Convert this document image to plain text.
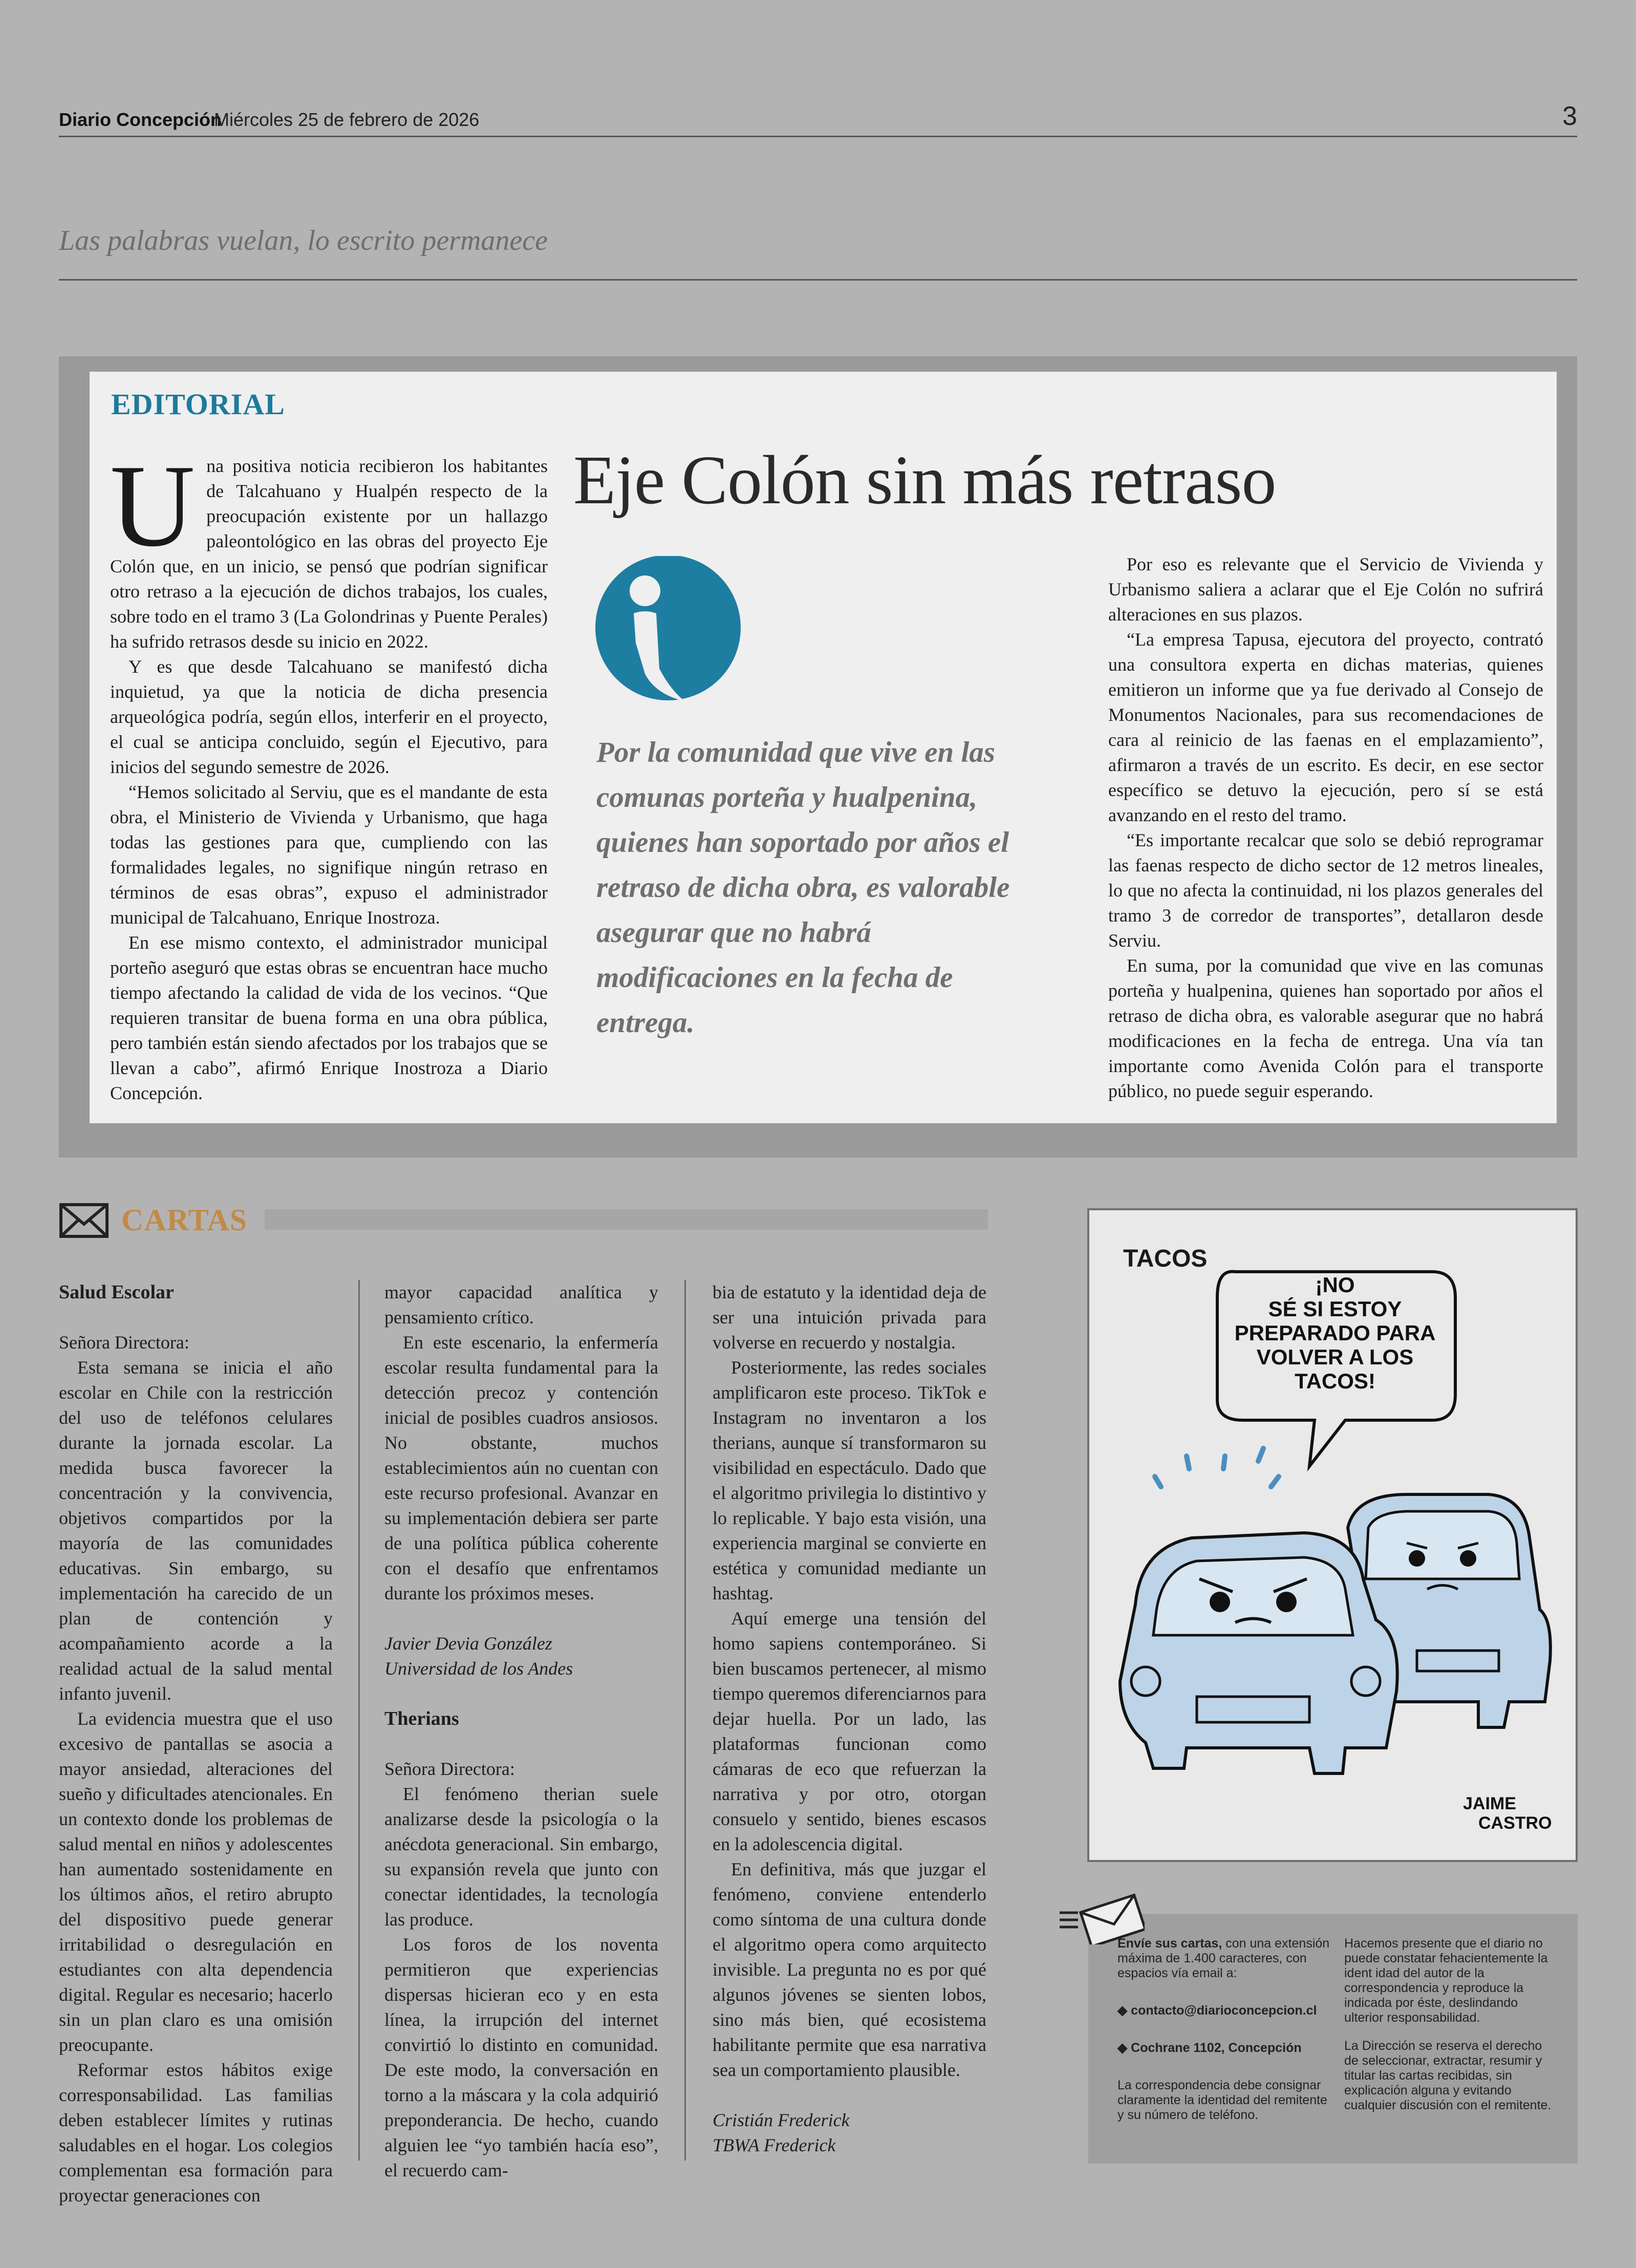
Diario Concepción
Miércoles 25 de febrero de 2026	3
Las palabras vuelan, lo escrito permanece
EDITORIAL
Eje Colón sin más retraso

Una positiva noticia recibieron los habitantes de Talcahuano y Hualpén respecto de la preocupación existente por un hallazgo paleontológico en las obras del proyecto Eje Colón que, en un inicio, se pensó que podrían significar otro retraso a la ejecución de dichos trabajos, los cuales, sobre todo en el tramo 3 (La Golondrinas y Puente Perales) ha sufrido retrasos desde su inicio en 2022.

Y es que desde Talcahuano se manifestó dicha inquietud, ya que la noticia de dicha presencia arqueológica podría, según ellos, interferir en el proyecto, el cual se anticipa concluido, según el Ejecutivo, para inicios del segundo semestre de 2026.

“Hemos solicitado al Serviu, que es el mandante de esta obra, el Ministerio de Vivienda y Urbanismo, que haga todas las gestiones para que, cumpliendo con las formalidades legales, no signifique ningún retraso en términos de esas obras”, expuso el administrador municipal de Talcahuano, Enrique Inostroza.

En ese mismo contexto, el administrador municipal porteño aseguró que estas obras se encuentran hace mucho tiempo afectando la calidad de vida de los vecinos. “Que requieren transitar de buena forma en una obra pública, pero también están siendo afectados por los trabajos que se llevan a cabo”, afirmó Enrique Inostroza a Diario Concepción.

Por la comunidad que vive en las comunas porteña y hualpenina, quienes han soportado por años el retraso de dicha obra, es valorable asegurar que no habrá modificaciones en la fecha de entrega.

Por eso es relevante que el Servicio de Vivienda y Urbanismo saliera a aclarar que el Eje Colón no sufrirá alteraciones en sus plazos.

“La empresa Tapusa, ejecutora del proyecto, contrató una consultora experta en dichas materias, quienes emitieron un informe que ya fue derivado al Consejo de Monumentos Nacionales, para sus recomendaciones de cara al reinicio de las faenas en el emplazamiento”, afirmaron a través de un escrito. Es decir, en ese sector específico se detuvo la ejecución, pero sí se está avanzando en el resto del tramo.

“Es importante recalcar que solo se debió reprogramar las faenas respecto de dicho sector de 12 metros lineales, lo que no afecta la continuidad, ni los plazos generales del tramo 3 de corredor de transportes”, detallaron desde Serviu.

En suma, por la comunidad que vive en las comunas porteña y hualpenina, quienes han soportado por años el retraso de dicha obra, es valorable asegurar que no habrá modificaciones en la fecha de entrega. Una vía tan importante como Avenida Colón para el transporte público, no puede seguir esperando.

CARTAS

Salud Escolar

Señora Directora:

Esta semana se inicia el año escolar en Chile con la restricción del uso de teléfonos celulares durante la jornada escolar. La medida busca favorecer la concentración y la convivencia, objetivos compartidos por la mayoría de las comunidades educativas. Sin embargo, su implementación ha carecido de un plan de contención y acompañamiento acorde a la realidad actual de la salud mental infanto juvenil.

La evidencia muestra que el uso excesivo de pantallas se asocia a mayor ansiedad, alteraciones del sueño y dificultades atencionales. En un contexto donde los problemas de salud mental en niños y adolescentes han aumentado sostenidamente en los últimos años, el retiro abrupto del dispositivo puede generar irritabilidad o desregulación en estudiantes con alta dependencia digital. Regular es necesario; hacerlo sin un plan claro es una omisión preocupante.

Reformar estos hábitos exige corresponsabilidad. Las familias deben establecer límites y rutinas saludables en el hogar. Los colegios complementan esa formación para proyectar generaciones con

mayor capacidad analítica y pensamiento crítico.

En este escenario, la enfermería escolar resulta fundamental para la detección precoz y contención inicial de posibles cuadros ansiosos. No obstante, muchos establecimientos aún no cuentan con este recurso profesional. Avanzar en su implementación debiera ser parte de una política pública coherente con el desafío que enfrentamos durante los próximos meses.

Javier Devia González

Universidad de los Andes

Therians

Señora Directora:

El fenómeno therian suele analizarse desde la psicología o la anécdota generacional. Sin embargo, su expansión revela que junto con conectar identidades, la tecnología las produce.

Los foros de los noventa permitieron que experiencias dispersas hicieran eco y en esta línea, la irrupción del internet convirtió lo distinto en comunidad. De este modo, la conversación en torno a la máscara y la cola adquirió preponderancia. De hecho, cuando alguien lee “yo también hacía eso”, el recuerdo cam-

bia de estatuto y la identidad deja de ser una intuición privada para volverse en recuerdo y nostalgia.

Posteriormente, las redes sociales amplificaron este proceso. TikTok e Instagram no inventaron a los therians, aunque sí transformaron su visibilidad en espectáculo. Dado que el algoritmo privilegia lo distintivo y lo replicable. Y bajo esta visión, una experiencia marginal se convierte en estética y comunidad mediante un hashtag.

Aquí emerge una tensión del homo sapiens contemporáneo. Si bien buscamos pertenecer, al mismo tiempo queremos diferenciarnos para dejar huella. Por un lado, las plataformas funcionan como cámaras de eco que refuerzan la narrativa y por otro, otorgan consuelo y sentido, bienes escasos en la adolescencia digital.

En definitiva, más que juzgar el fenómeno, conviene entenderlo como síntoma de una cultura donde el algoritmo opera como arquitecto invisible. La pregunta no es por qué algunos jóvenes se sienten lobos, sino más bien, qué ecosistema habilitante permite que esa narrativa sea un comportamiento plausible.

Cristián Frederick

TBWA Frederick

TACOS
¡NO
SÉ SI ESTOY
PREPARADO PARA
VOLVER A LOS
TACOS!
JAIME
CASTRO
Envíe sus cartas, con una extensión máxima de 1.400 caracteres, con espacios vía email a:
◆ contacto@diarioconcepcion.cl
◆ Cochrane 1102, Concepción
La correspondencia debe consignar claramente la identidad del remitente y su número de teléfono.
Hacemos presente que el diario no puede constatar fehacientemente la ident idad del autor de la correspondencia y reproduce la indicada por éste, deslindando ulterior responsabilidad.
La Dirección se reserva el derecho de seleccionar, extractar, resumir y titular las cartas recibidas, sin explicación alguna y evitando cualquier discusión con el remitente.
